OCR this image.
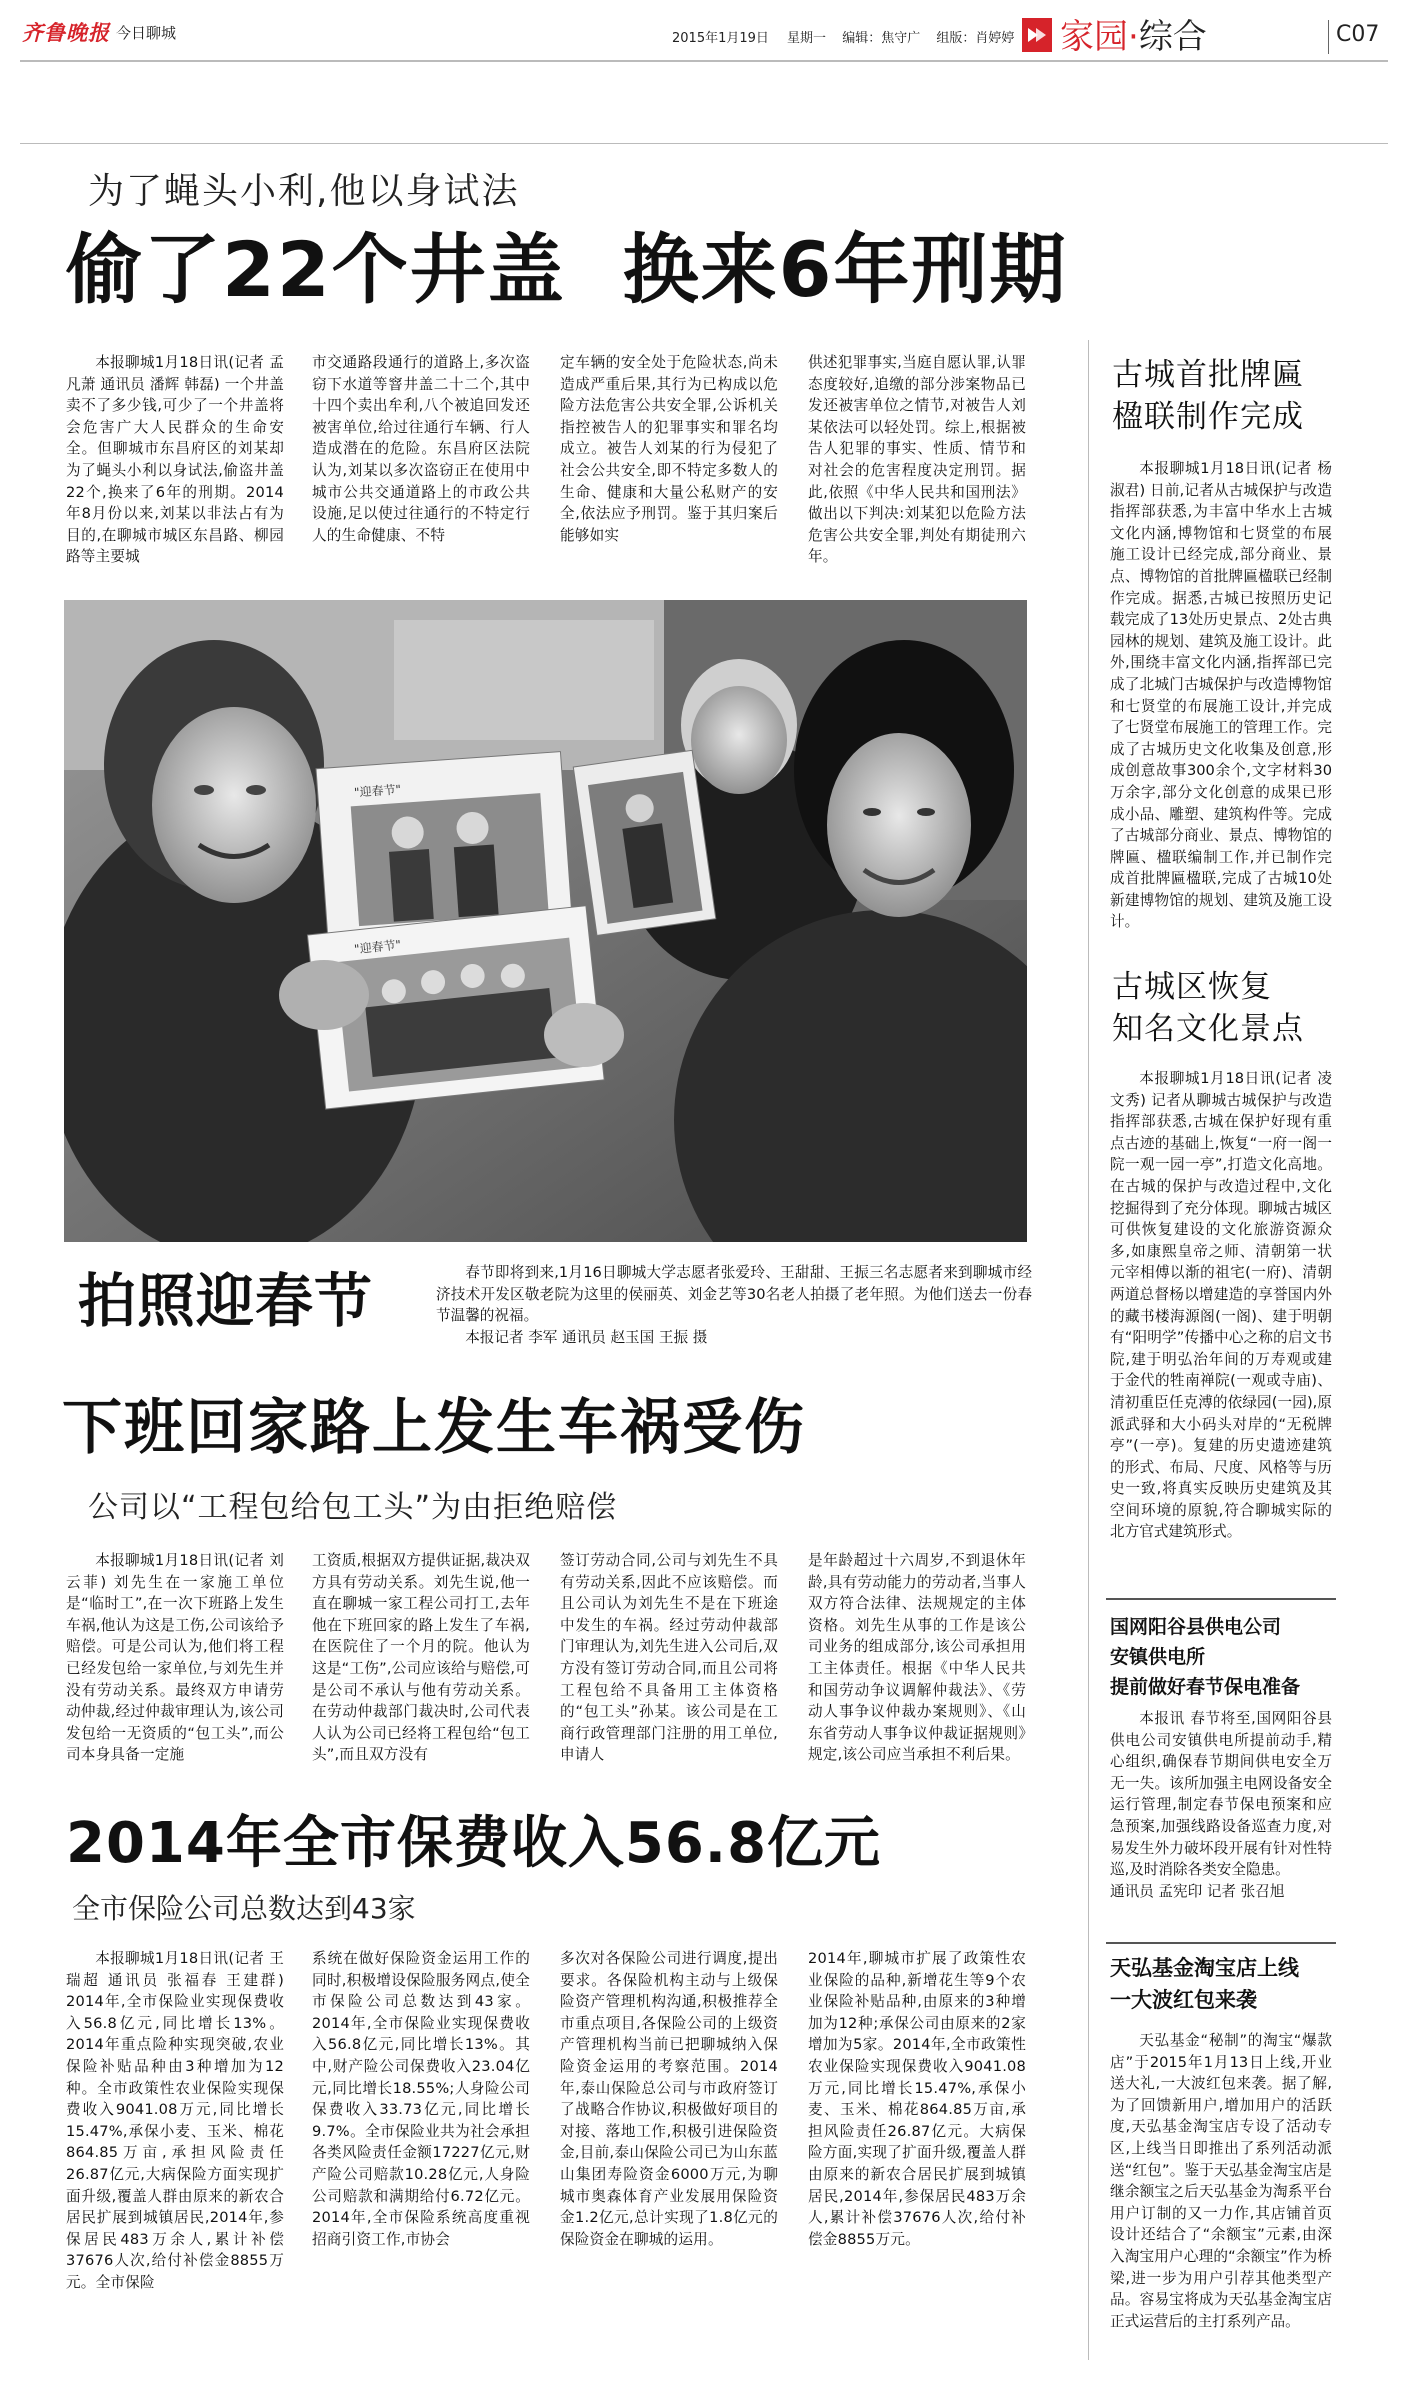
齐鲁晚报 今日聊城	2015年1月19日 星期一 编辑：焦守广 组版：肖婷婷 家园·综合	C07
为了蝇头小利,他以身试法
偷了22个井盖  换来6年刑期
本报聊城1月18日讯(记者 孟凡萧 通讯员 潘辉 韩磊) 一个井盖卖不了多少钱,可少了一个井盖将会危害广大人民群众的生命安全。但聊城市东昌府区的刘某却为了蝇头小利以身试法,偷盗井盖22个,换来了6年的刑期。2014年8月份以来,刘某以非法占有为目的,在聊城市城区东昌路、柳园路等主要城
市交通路段通行的道路上,多次盗窃下水道等窨井盖二十二个,其中十四个卖出牟利,八个被追回发还被害单位,给过往通行车辆、行人造成潜在的危险。东昌府区法院认为,刘某以多次盗窃正在使用中城市公共交通道路上的市政公共设施,足以使过往通行的不特定行人的生命健康、不特
定车辆的安全处于危险状态,尚未造成严重后果,其行为已构成以危险方法危害公共安全罪,公诉机关指控被告人的犯罪事实和罪名均成立。被告人刘某的行为侵犯了社会公共安全,即不特定多数人的生命、健康和大量公私财产的安全,依法应予刑罚。鉴于其归案后能够如实
供述犯罪事实,当庭自愿认罪,认罪态度较好,追缴的部分涉案物品已发还被害单位之情节,对被告人刘某依法可以轻处罚。综上,根据被告人犯罪的事实、性质、情节和对社会的危害程度决定刑罚。据此,依照《中华人民共和国刑法》做出以下判决:刘某犯以危险方法危害公共安全罪,判处有期徒刑六年。
"迎春节"
"迎春节"
拍照迎春节	春节即将到来,1月16日聊城大学志愿者张爱玲、王甜甜、王振三名志愿者来到聊城市经济技术开发区敬老院为这里的侯丽英、刘金艺等30名老人拍摄了老年照。为他们送去一份春节温馨的祝福。
本报记者 李军 通讯员 赵玉国 王振 摄
下班回家路上发生车祸受伤
公司以“工程包给包工头”为由拒绝赔偿
本报聊城1月18日讯(记者 刘云菲) 刘先生在一家施工单位是“临时工”,在一次下班路上发生车祸,他认为这是工伤,公司该给予赔偿。可是公司认为,他们将工程已经发包给一家单位,与刘先生并没有劳动关系。最终双方申请劳动仲裁,经过仲裁审理认为,该公司发包给一无资质的“包工头”,而公司本身具备一定施
工资质,根据双方提供证据,裁决双方具有劳动关系。刘先生说,他一直在聊城一家工程公司打工,去年他在下班回家的路上发生了车祸,在医院住了一个月的院。他认为这是“工伤”,公司应该给与赔偿,可是公司不承认与他有劳动关系。在劳动仲裁部门裁决时,公司代表人认为公司已经将工程包给“包工头”,而且双方没有
签订劳动合同,公司与刘先生不具有劳动关系,因此不应该赔偿。而且公司认为刘先生不是在下班途中发生的车祸。经过劳动仲裁部门审理认为,刘先生进入公司后,双方没有签订劳动合同,而且公司将工程包给不具备用工主体资格的“包工头”孙某。该公司是在工商行政管理部门注册的用工单位,申请人
是年龄超过十六周岁,不到退休年龄,具有劳动能力的劳动者,当事人双方符合法律、法规规定的主体资格。刘先生从事的工作是该公司业务的组成部分,该公司承担用工主体责任。根据《中华人民共和国劳动争议调解仲裁法》、《劳动人事争议仲裁办案规则》、《山东省劳动人事争议仲裁证据规则》规定,该公司应当承担不利后果。
2014年全市保费收入56.8亿元
全市保险公司总数达到43家
本报聊城1月18日讯(记者 王瑞超 通讯员 张福春 王建群) 2014年,全市保险业实现保费收入56.8亿元,同比增长13%。2014年重点险种实现突破,农业保险补贴品种由3种增加为12种。全市政策性农业保险实现保费收入9041.08万元,同比增长15.47%,承保小麦、玉米、棉花864.85万亩,承担风险责任26.87亿元,大病保险方面实现扩面升级,覆盖人群由原来的新农合居民扩展到城镇居民,2014年,参保居民483万余人,累计补偿37676人次,给付补偿金8855万元。全市保险
系统在做好保险资金运用工作的同时,积极增设保险服务网点,使全市保险公司总数达到43家。2014年,全市保险业实现保费收入56.8亿元,同比增长13%。其中,财产险公司保费收入23.04亿元,同比增长18.55%;人身险公司保费收入33.73亿元,同比增长9.7%。全市保险业共为社会承担各类风险责任金额17227亿元,财产险公司赔款10.28亿元,人身险公司赔款和满期给付6.72亿元。2014年,全市保险系统高度重视招商引资工作,市协会
多次对各保险公司进行调度,提出要求。各保险机构主动与上级保险资产管理机构沟通,积极推荐全市重点项目,各保险公司的上级资产管理机构当前已把聊城纳入保险资金运用的考察范围。2014年,泰山保险总公司与市政府签订了战略合作协议,积极做好项目的对接、落地工作,积极引进保险资金,目前,泰山保险公司已为山东蓝山集团寿险资金6000万元,为聊城市奥森体育产业发展用保险资金1.2亿元,总计实现了1.8亿元的保险资金在聊城的运用。
2014年,聊城市扩展了政策性农业保险的品种,新增花生等9个农业保险补贴品种,由原来的3种增加为12种;承保公司由原来的2家增加为5家。2014年,全市政策性农业保险实现保费收入9041.08万元,同比增长15.47%,承保小麦、玉米、棉花864.85万亩,承担风险责任26.87亿元。大病保险方面,实现了扩面升级,覆盖人群由原来的新农合居民扩展到城镇居民,2014年,参保居民483万余人,累计补偿37676人次,给付补偿金8855万元。
古城首批牌匾
楹联制作完成
本报聊城1月18日讯(记者 杨淑君) 日前,记者从古城保护与改造指挥部获悉,为丰富中华水上古城文化内涵,博物馆和七贤堂的布展施工设计已经完成,部分商业、景点、博物馆的首批牌匾楹联已经制作完成。据悉,古城已按照历史记载完成了13处历史景点、2处古典园林的规划、建筑及施工设计。此外,围绕丰富文化内涵,指挥部已完成了北城门古城保护与改造博物馆和七贤堂的布展施工设计,并完成了七贤堂布展施工的管理工作。完成了古城历史文化收集及创意,形成创意故事300余个,文字材料30万余字,部分文化创意的成果已形成小品、雕塑、建筑构件等。完成了古城部分商业、景点、博物馆的牌匾、楹联编制工作,并已制作完成首批牌匾楹联,完成了古城10处新建博物馆的规划、建筑及施工设计。
古城区恢复
知名文化景点
本报聊城1月18日讯(记者 凌文秀) 记者从聊城古城保护与改造指挥部获悉,古城在保护好现有重点古迹的基础上,恢复“一府一阁一院一观一园一亭”,打造文化高地。在古城的保护与改造过程中,文化挖掘得到了充分体现。聊城古城区可供恢复建设的文化旅游资源众多,如康熙皇帝之师、清朝第一状元宰相傅以渐的祖宅(一府)、清朝两道总督杨以增建造的享誉国内外的藏书楼海源阁(一阁)、建于明朝有“阳明学”传播中心之称的启文书院,建于明弘治年间的万寿观或建于金代的牲南禅院(一观或寺庙)、清初重臣任克溥的依绿园(一园),原派武驿和大小码头对岸的“无税牌亭”(一亭)。复建的历史遗迹建筑的形式、布局、尺度、风格等与历史一致,将真实反映历史建筑及其空间环境的原貌,符合聊城实际的北方官式建筑形式。
国网阳谷县供电公司
安镇供电所
提前做好春节保电准备
本报讯 春节将至,国网阳谷县供电公司安镇供电所提前动手,精心组织,确保春节期间供电安全万无一失。该所加强主电网设备安全运行管理,制定春节保电预案和应急预案,加强线路设备巡查力度,对易发生外力破坏段开展有针对性特巡,及时消除各类安全隐患。
通讯员 孟宪印 记者 张召旭
天弘基金淘宝店上线
一大波红包来袭
天弘基金“秘制”的淘宝“爆款店”于2015年1月13日上线,开业送大礼,一大波红包来袭。据了解,为了回馈新用户,增加用户的活跃度,天弘基金淘宝店专设了活动专区,上线当日即推出了系列活动派送“红包”。鉴于天弘基金淘宝店是继余额宝之后天弘基金为淘系平台用户订制的又一力作,其店铺首页设计还结合了“余额宝”元素,由深入淘宝用户心理的“余额宝”作为桥梁,进一步为用户引荐其他类型产品。容易宝将成为天弘基金淘宝店正式运营后的主打系列产品。
